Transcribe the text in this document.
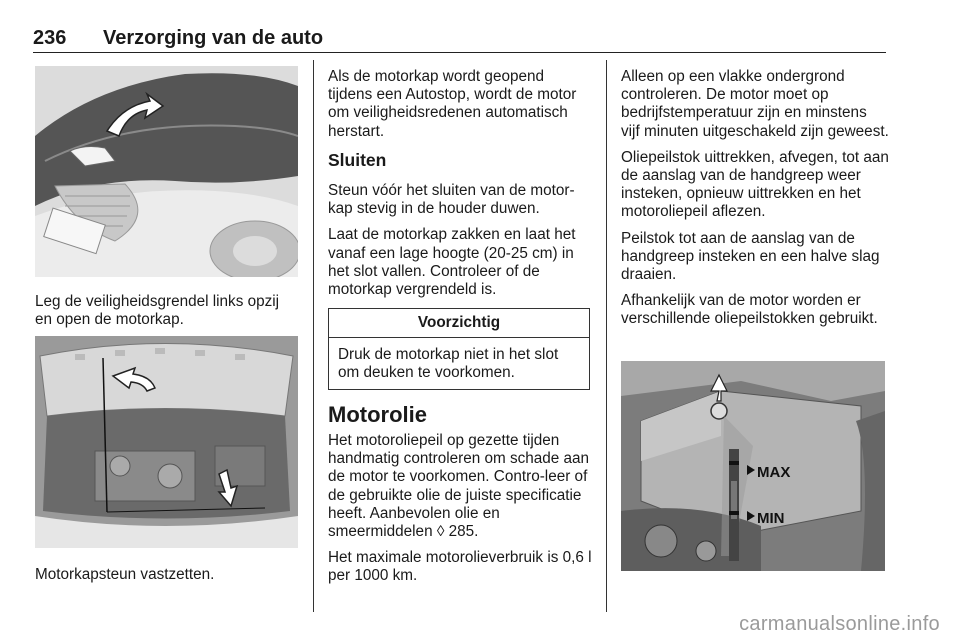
236 Verzorging van de auto

Leg de veiligheidsgrendel links opzij en open de motorkap.

Motorkapsteun vastzetten.

Als de motorkap wordt geopend tijdens een Autostop, wordt de motor om veiligheidsredenen automatisch herstart.

Sluiten

Steun vóór het sluiten van de motor-kap stevig in de houder duwen.

Laat de motorkap zakken en laat het vanaf een lage hoogte (20-25 cm) in het slot vallen. Controleer of de motorkap vergrendeld is.

Voorzichtig
Druk de motorkap niet in het slot om deuken te voorkomen.
Motorolie

Het motoroliepeil op gezette tijden handmatig controleren om schade aan de motor te voorkomen. Contro-leer of de gebruikte olie de juiste specificatie heeft. Aanbevolen olie en smeermiddelen ◊ 285.

Het maximale motorolieverbruik is 0,6 l per 1000 km.

Alleen op een vlakke ondergrond controleren. De motor moet op bedrijfstemperatuur zijn en minstens vijf minuten uitgeschakeld zijn geweest.

Oliepeilstok uittrekken, afvegen, tot aan de aanslag van de handgreep weer insteken, opnieuw uittrekken en het motoroliepeil aflezen.

Peilstok tot aan de aanslag van de handgreep insteken en een halve slag draaien.

Afhankelijk van de motor worden er verschillende oliepeilstokken gebruikt.

MAX
MIN
carmanualsonline.info
